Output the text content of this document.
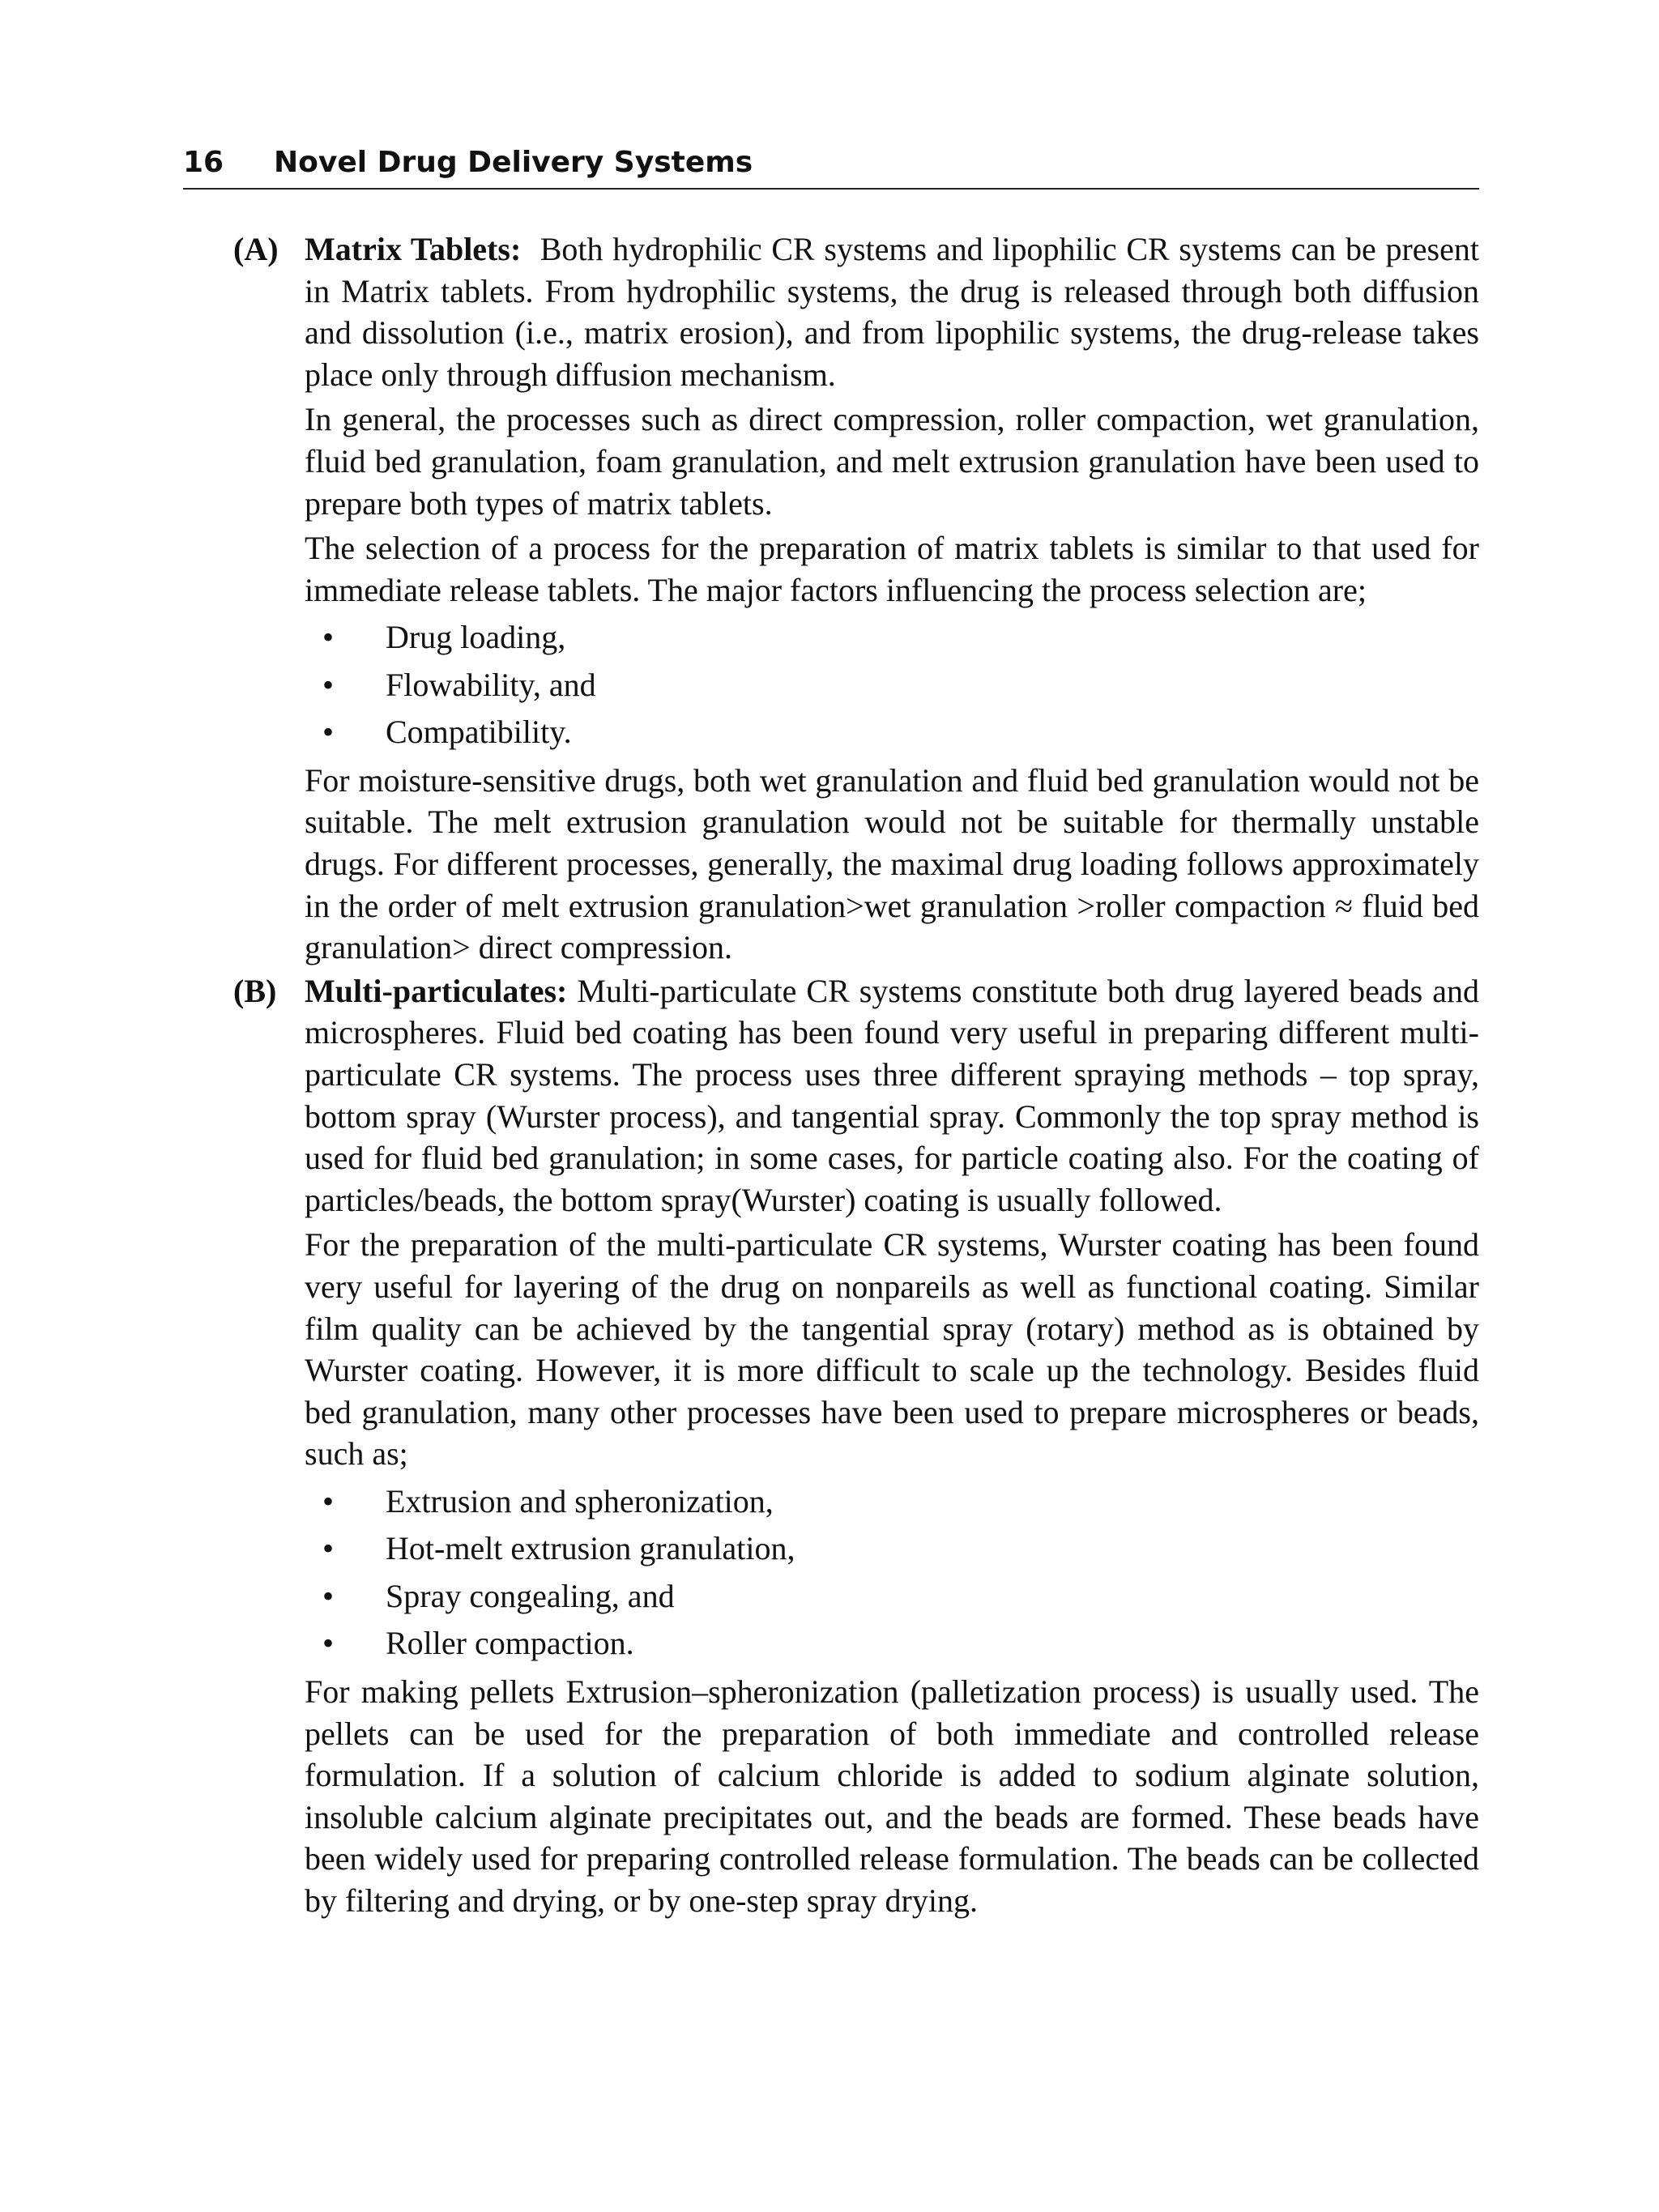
16 Novel Drug Delivery Systems
(A) Matrix Tablets: Both hydrophilic CR systems and lipophilic CR systems can be present in Matrix tablets. From hydrophilic systems, the drug is released through both diffusion and dissolution (i.e., matrix erosion), and from lipophilic systems, the drug-release takes place only through diffusion mechanism.

In general, the processes such as direct compression, roller compaction, wet granulation, fluid bed granulation, foam granulation, and melt extrusion granulation have been used to prepare both types of matrix tablets.

The selection of a process for the preparation of matrix tablets is similar to that used for immediate release tablets. The major factors influencing the process selection are;

• Drug loading,
• Flowability, and
• Compatibility.

For moisture-sensitive drugs, both wet granulation and fluid bed granulation would not be suitable. The melt extrusion granulation would not be suitable for thermally unstable drugs. For different processes, generally, the maximal drug loading follows approximately in the order of melt extrusion granulation>wet granulation >roller compaction ≈ fluid bed granulation> direct compression.

(B) Multi-particulates: Multi-particulate CR systems constitute both drug layered beads and microspheres. Fluid bed coating has been found very useful in preparing different multi-particulate CR systems. The process uses three different spraying methods – top spray, bottom spray (Wurster process), and tangential spray. Commonly the top spray method is used for fluid bed granulation; in some cases, for particle coating also. For the coating of particles/beads, the bottom spray(Wurster) coating is usually followed.

For the preparation of the multi-particulate CR systems, Wurster coating has been found very useful for layering of the drug on nonpareils as well as functional coating. Similar film quality can be achieved by the tangential spray (rotary) method as is obtained by Wurster coating. However, it is more difficult to scale up the technology. Besides fluid bed granulation, many other processes have been used to prepare microspheres or beads, such as;

• Extrusion and spheronization,
• Hot-melt extrusion granulation,
• Spray congealing, and
• Roller compaction.

For making pellets Extrusion–spheronization (palletization process) is usually used. The pellets can be used for the preparation of both immediate and controlled release formulation. If a solution of calcium chloride is added to sodium alginate solution, insoluble calcium alginate precipitates out, and the beads are formed. These beads have been widely used for preparing controlled release formulation. The beads can be collected by filtering and drying, or by one-step spray drying.
